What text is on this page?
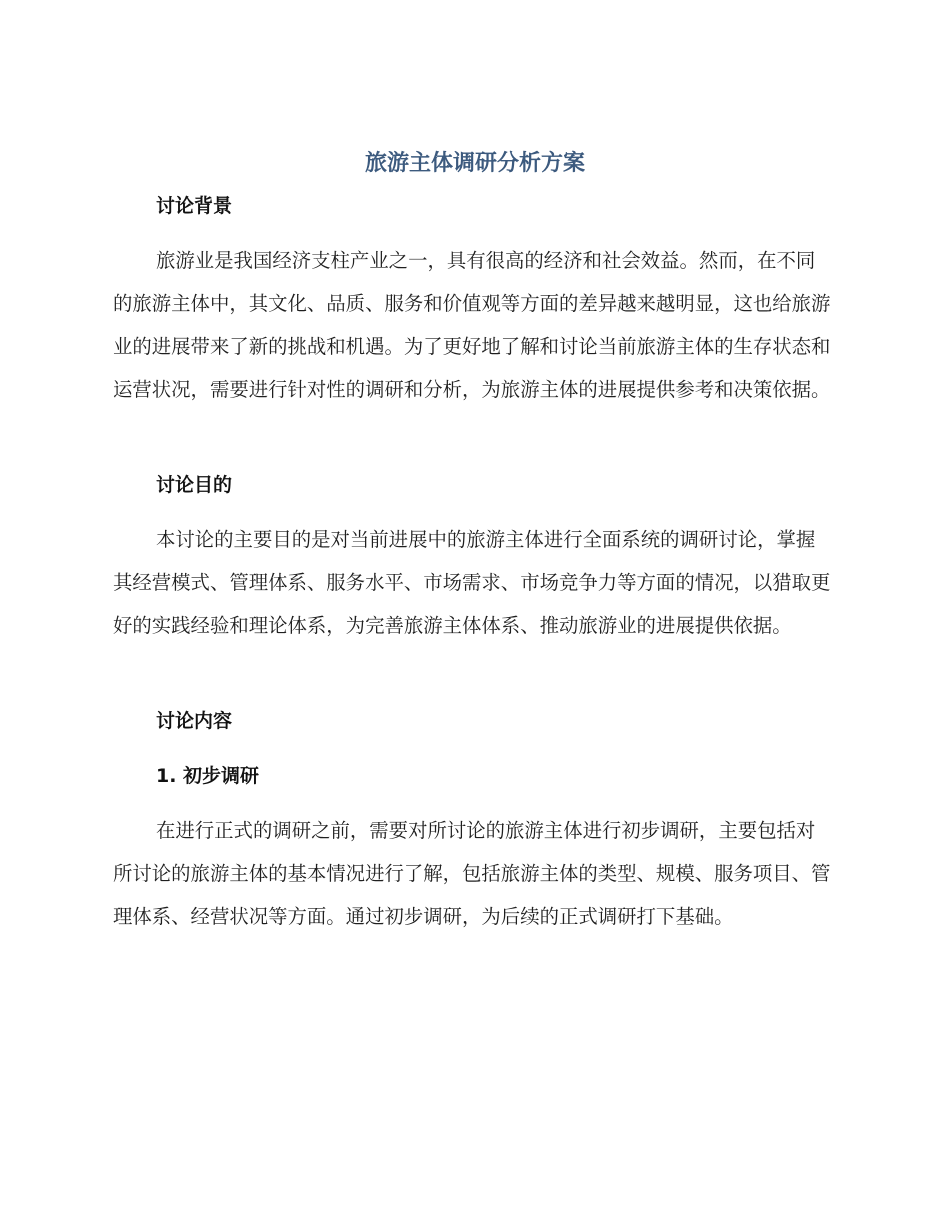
旅游主体调研分析方案
讨论背景

旅游业是我国经济支柱产业之一，具有很高的经济和社会效益。然而，在不同的旅游主体中，其文化、品质、服务和价值观等方面的差异越来越明显，这也给旅游业的进展带来了新的挑战和机遇。为了更好地了解和讨论当前旅游主体的生存状态和运营状况，需要进行针对性的调研和分析，为旅游主体的进展提供参考和决策依据。

讨论目的

本讨论的主要目的是对当前进展中的旅游主体进行全面系统的调研讨论，掌握其经营模式、管理体系、服务水平、市场需求、市场竞争力等方面的情况，以猎取更好的实践经验和理论体系，为完善旅游主体体系、推动旅游业的进展提供依据。

讨论内容
1. 初步调研

在进行正式的调研之前，需要对所讨论的旅游主体进行初步调研，主要包括对所讨论的旅游主体的基本情况进行了解，包括旅游主体的类型、规模、服务项目、管理体系、经营状况等方面。通过初步调研，为后续的正式调研打下基础。
